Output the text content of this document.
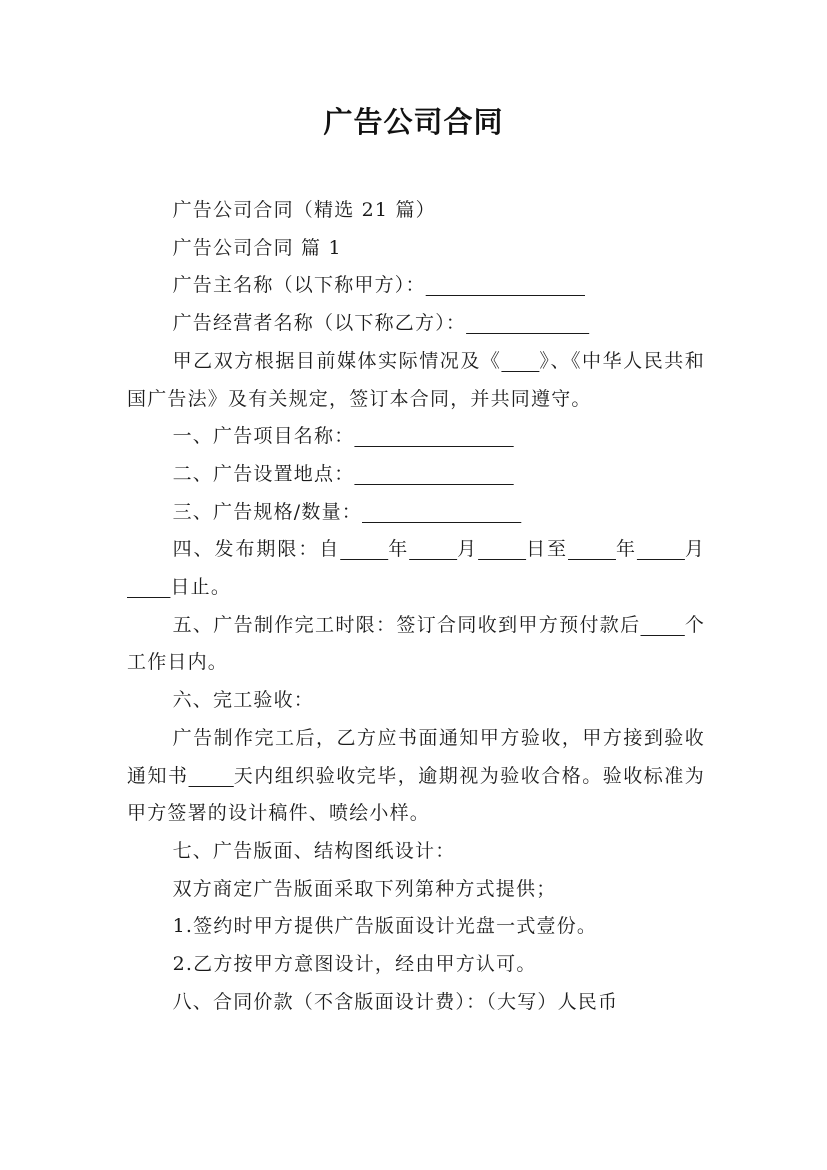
广告公司合同

广告公司合同（精选 21 篇）

广告公司合同 篇 1

广告主名称（以下称甲方）：

广告经营者名称（以下称乙方）：

甲乙双方根据目前媒体实际情况及《 》、《中华人民共和国广告法》及有关规定，签订本合同，并共同遵守。

一、广告项目名称：

二、广告设置地点：

三、广告规格/数量：

四、发布期限：自	年	月	日至	年	月      日止。

五、广告制作完工时限：签订合同收到甲方预付款后 个工作日内。

六、完工验收：

广告制作完工后，乙方应书面通知甲方验收，甲方接到验收通知书 天内组织验收完毕，逾期视为验收合格。验收标准为甲方签署的设计稿件、喷绘小样。

七、广告版面、结构图纸设计：

双方商定广告版面采取下列第种方式提供；

1.签约时甲方提供广告版面设计光盘一式壹份。

2.乙方按甲方意图设计，经由甲方认可。

八、合同价款（不含版面设计费）：（大写）人民币
